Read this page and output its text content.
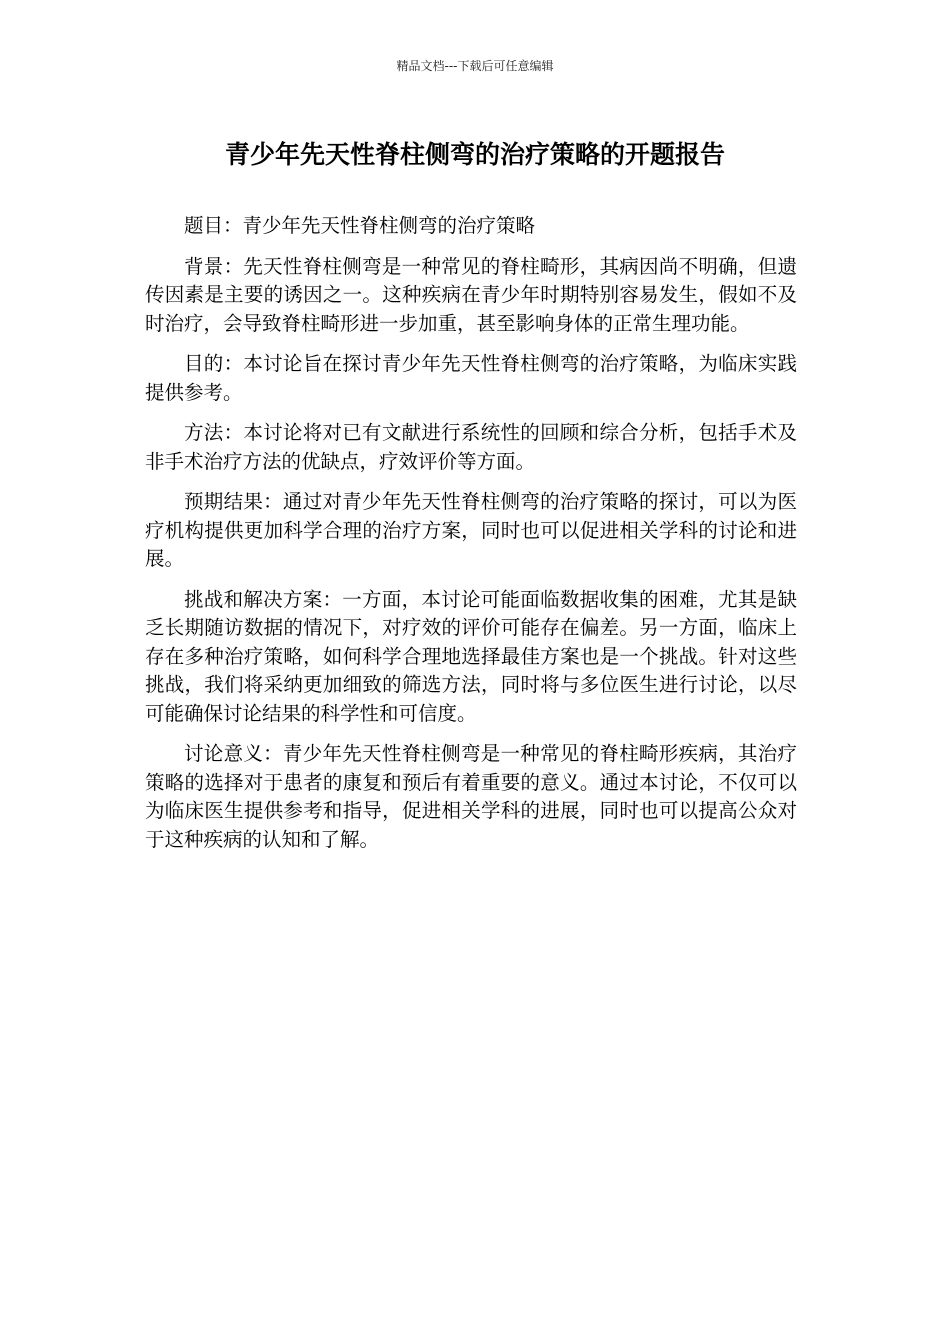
精品文档---下载后可任意编辑
青少年先天性脊柱侧弯的治疗策略的开题报告

题目：青少年先天性脊柱侧弯的治疗策略

背景：先天性脊柱侧弯是一种常见的脊柱畸形，其病因尚不明确，但遗传因素是主要的诱因之一。这种疾病在青少年时期特别容易发生，假如不及时治疗，会导致脊柱畸形进一步加重，甚至影响身体的正常生理功能。

目的：本讨论旨在探讨青少年先天性脊柱侧弯的治疗策略，为临床实践提供参考。

方法：本讨论将对已有文献进行系统性的回顾和综合分析，包括手术及非手术治疗方法的优缺点，疗效评价等方面。

预期结果：通过对青少年先天性脊柱侧弯的治疗策略的探讨，可以为医疗机构提供更加科学合理的治疗方案，同时也可以促进相关学科的讨论和进展。

挑战和解决方案：一方面，本讨论可能面临数据收集的困难，尤其是缺乏长期随访数据的情况下，对疗效的评价可能存在偏差。另一方面，临床上存在多种治疗策略，如何科学合理地选择最佳方案也是一个挑战。针对这些挑战，我们将采纳更加细致的筛选方法，同时将与多位医生进行讨论，以尽可能确保讨论结果的科学性和可信度。

讨论意义：青少年先天性脊柱侧弯是一种常见的脊柱畸形疾病，其治疗策略的选择对于患者的康复和预后有着重要的意义。通过本讨论，不仅可以为临床医生提供参考和指导，促进相关学科的进展，同时也可以提高公众对于这种疾病的认知和了解。
